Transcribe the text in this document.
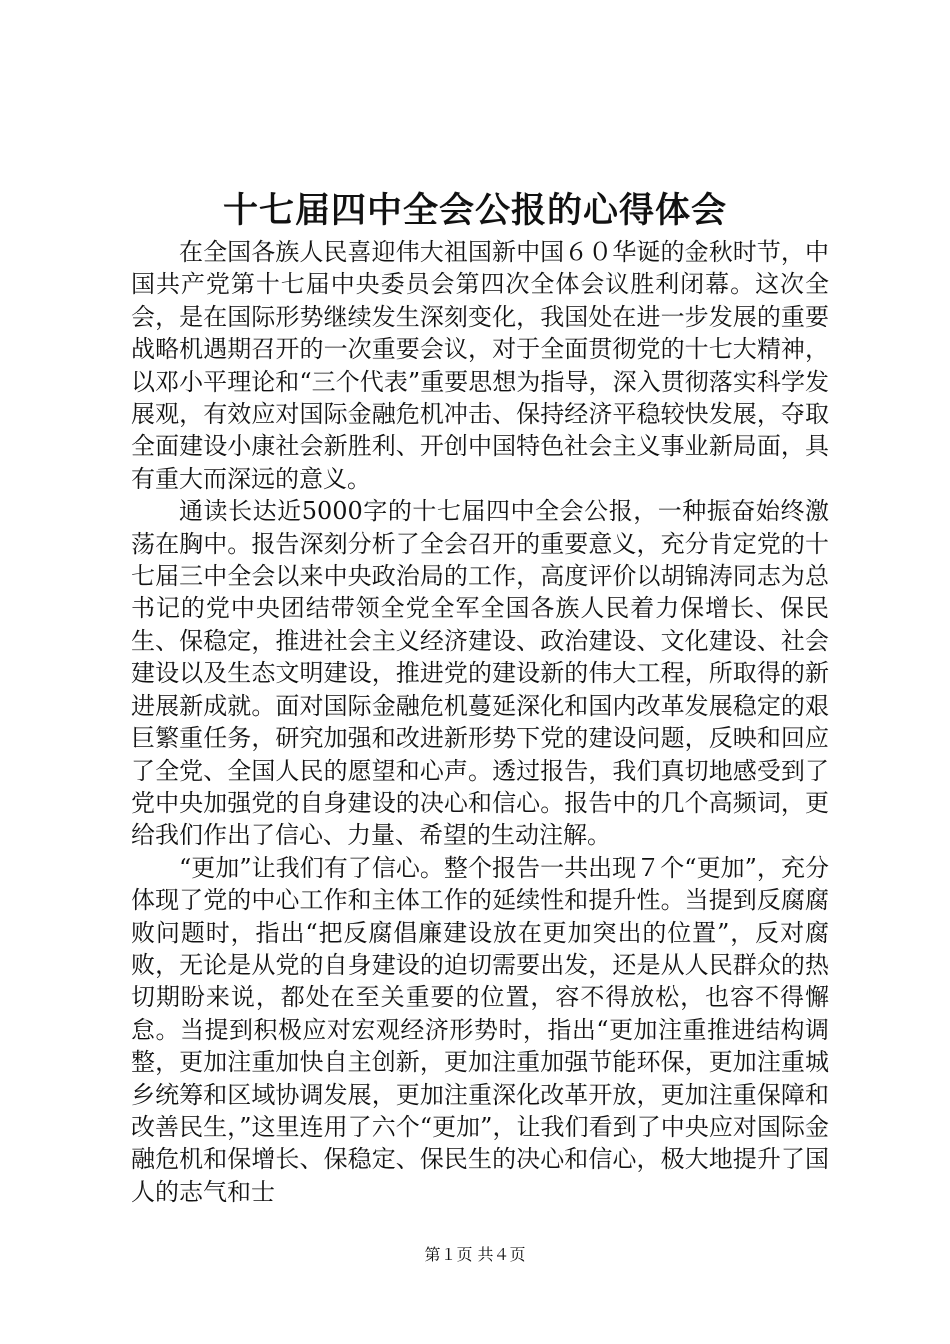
十七届四中全会公报的心得体会

在全国各族人民喜迎伟大祖国新中国６０华诞的金秋时节，中国共产党第十七届中央委员会第四次全体会议胜利闭幕。这次全会，是在国际形势继续发生深刻变化，我国处在进一步发展的重要战略机遇期召开的一次重要会议，对于全面贯彻党的十七大精神，以邓小平理论和“三个代表”重要思想为指导，深入贯彻落实科学发展观，有效应对国际金融危机冲击、保持经济平稳较快发展，夺取全面建设小康社会新胜利、开创中国特色社会主义事业新局面，具有重大而深远的意义。

通读长达近5000字的十七届四中全会公报，一种振奋始终激荡在胸中。报告深刻分析了全会召开的重要意义，充分肯定党的十七届三中全会以来中央政治局的工作，高度评价以胡锦涛同志为总书记的党中央团结带领全党全军全国各族人民着力保增长、保民生、保稳定，推进社会主义经济建设、政治建设、文化建设、社会建设以及生态文明建设，推进党的建设新的伟大工程，所取得的新进展新成就。面对国际金融危机蔓延深化和国内改革发展稳定的艰巨繁重任务，研究加强和改进新形势下党的建设问题，反映和回应了全党、全国人民的愿望和心声。透过报告，我们真切地感受到了党中央加强党的自身建设的决心和信心。报告中的几个高频词，更给我们作出了信心、力量、希望的生动注解。

“更加”让我们有了信心。整个报告一共出现７个“更加”，充分体现了党的中心工作和主体工作的延续性和提升性。当提到反腐腐败问题时，指出“把反腐倡廉建设放在更加突出的位置”，反对腐败，无论是从党的自身建设的迫切需要出发，还是从人民群众的热切期盼来说，都处在至关重要的位置，容不得放松，也容不得懈怠。当提到积极应对宏观经济形势时，指出“更加注重推进结构调整，更加注重加快自主创新，更加注重加强节能环保，更加注重城乡统筹和区域协调发展，更加注重深化改革开放，更加注重保障和改善民生，”这里连用了六个“更加”，让我们看到了中央应对国际金融危机和保增长、保稳定、保民生的决心和信心，极大地提升了国人的志气和士

第１页 共４页
